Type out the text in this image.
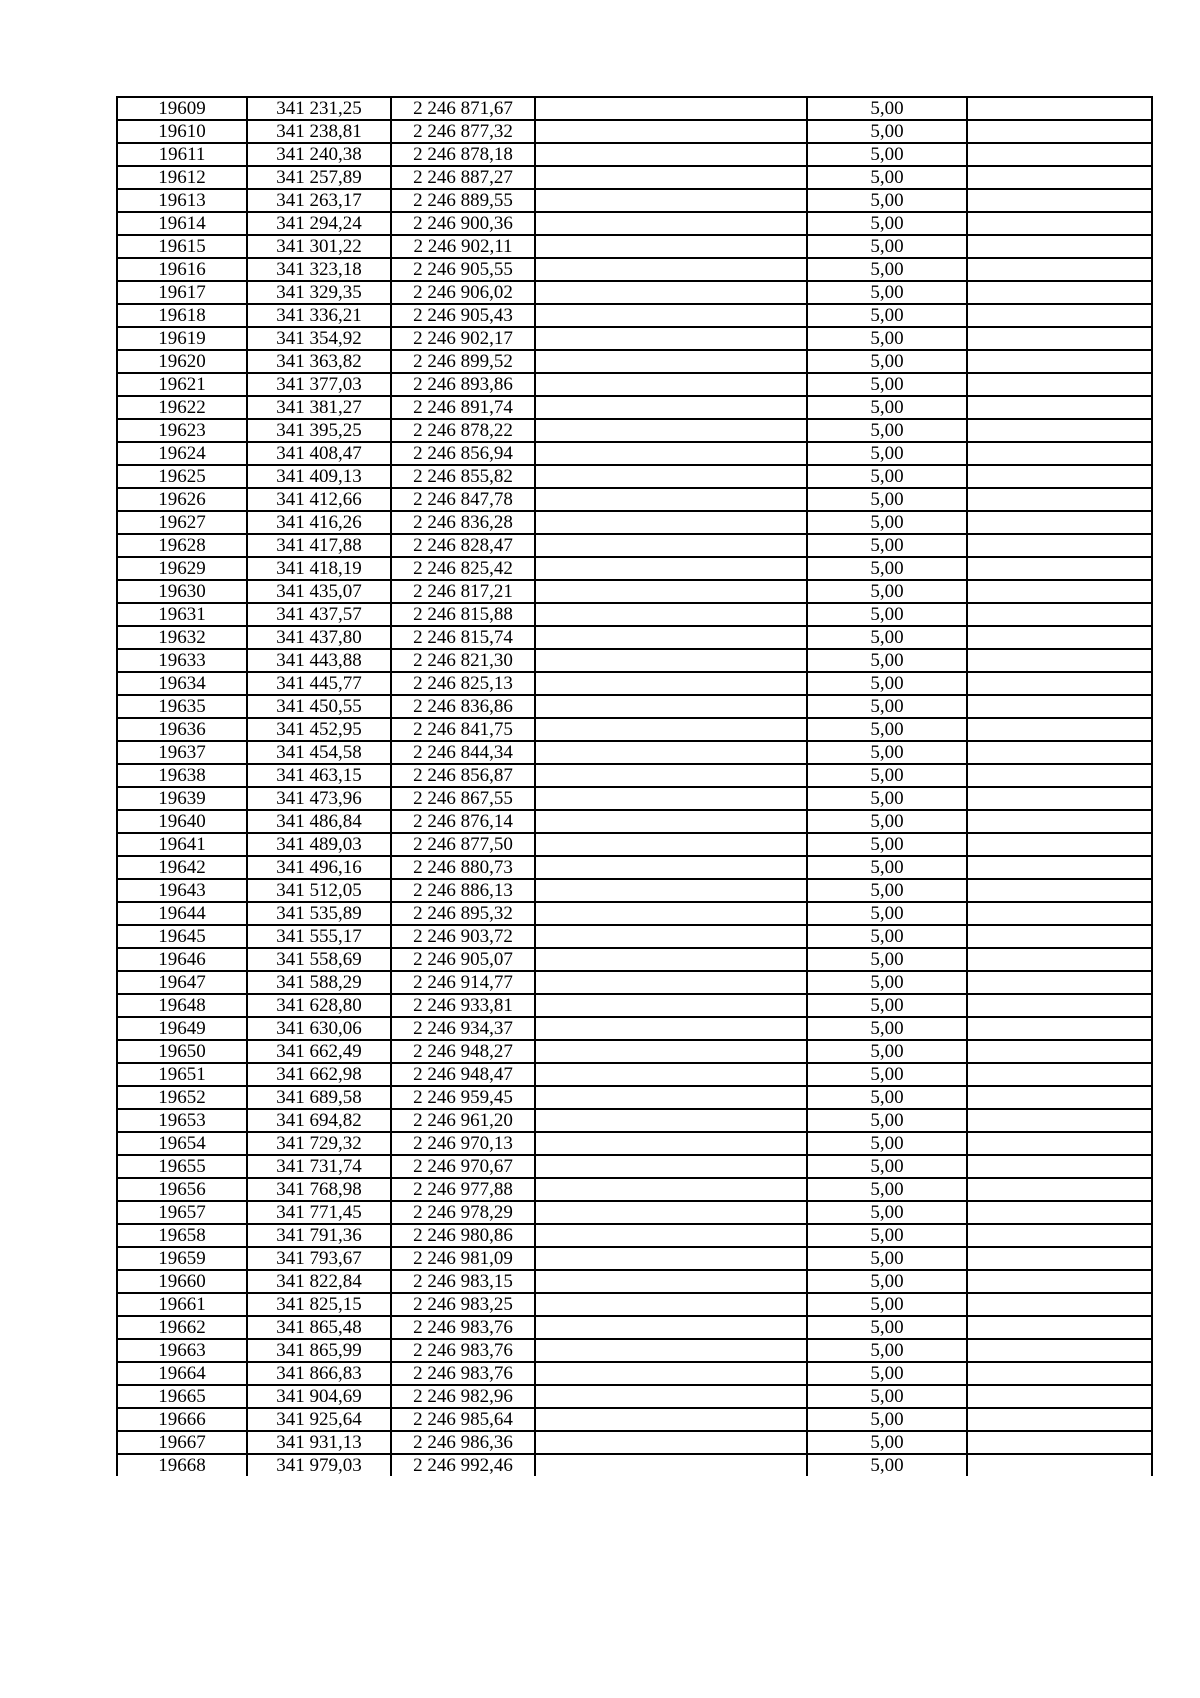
19609	341 231,25	2 246 871,67		5,00	
19610	341 238,81	2 246 877,32		5,00	
19611	341 240,38	2 246 878,18		5,00	
19612	341 257,89	2 246 887,27		5,00	
19613	341 263,17	2 246 889,55		5,00	
19614	341 294,24	2 246 900,36		5,00	
19615	341 301,22	2 246 902,11		5,00	
19616	341 323,18	2 246 905,55		5,00	
19617	341 329,35	2 246 906,02		5,00	
19618	341 336,21	2 246 905,43		5,00	
19619	341 354,92	2 246 902,17		5,00	
19620	341 363,82	2 246 899,52		5,00	
19621	341 377,03	2 246 893,86		5,00	
19622	341 381,27	2 246 891,74		5,00	
19623	341 395,25	2 246 878,22		5,00	
19624	341 408,47	2 246 856,94		5,00	
19625	341 409,13	2 246 855,82		5,00	
19626	341 412,66	2 246 847,78		5,00	
19627	341 416,26	2 246 836,28		5,00	
19628	341 417,88	2 246 828,47		5,00	
19629	341 418,19	2 246 825,42		5,00	
19630	341 435,07	2 246 817,21		5,00	
19631	341 437,57	2 246 815,88		5,00	
19632	341 437,80	2 246 815,74		5,00	
19633	341 443,88	2 246 821,30		5,00	
19634	341 445,77	2 246 825,13		5,00	
19635	341 450,55	2 246 836,86		5,00	
19636	341 452,95	2 246 841,75		5,00	
19637	341 454,58	2 246 844,34		5,00	
19638	341 463,15	2 246 856,87		5,00	
19639	341 473,96	2 246 867,55		5,00	
19640	341 486,84	2 246 876,14		5,00	
19641	341 489,03	2 246 877,50		5,00	
19642	341 496,16	2 246 880,73		5,00	
19643	341 512,05	2 246 886,13		5,00	
19644	341 535,89	2 246 895,32		5,00	
19645	341 555,17	2 246 903,72		5,00	
19646	341 558,69	2 246 905,07		5,00	
19647	341 588,29	2 246 914,77		5,00	
19648	341 628,80	2 246 933,81		5,00	
19649	341 630,06	2 246 934,37		5,00	
19650	341 662,49	2 246 948,27		5,00	
19651	341 662,98	2 246 948,47		5,00	
19652	341 689,58	2 246 959,45		5,00	
19653	341 694,82	2 246 961,20		5,00	
19654	341 729,32	2 246 970,13		5,00	
19655	341 731,74	2 246 970,67		5,00	
19656	341 768,98	2 246 977,88		5,00	
19657	341 771,45	2 246 978,29		5,00	
19658	341 791,36	2 246 980,86		5,00	
19659	341 793,67	2 246 981,09		5,00	
19660	341 822,84	2 246 983,15		5,00	
19661	341 825,15	2 246 983,25		5,00	
19662	341 865,48	2 246 983,76		5,00	
19663	341 865,99	2 246 983,76		5,00	
19664	341 866,83	2 246 983,76		5,00	
19665	341 904,69	2 246 982,96		5,00	
19666	341 925,64	2 246 985,64		5,00	
19667	341 931,13	2 246 986,36		5,00	
19668	341 979,03	2 246 992,46		5,00	
